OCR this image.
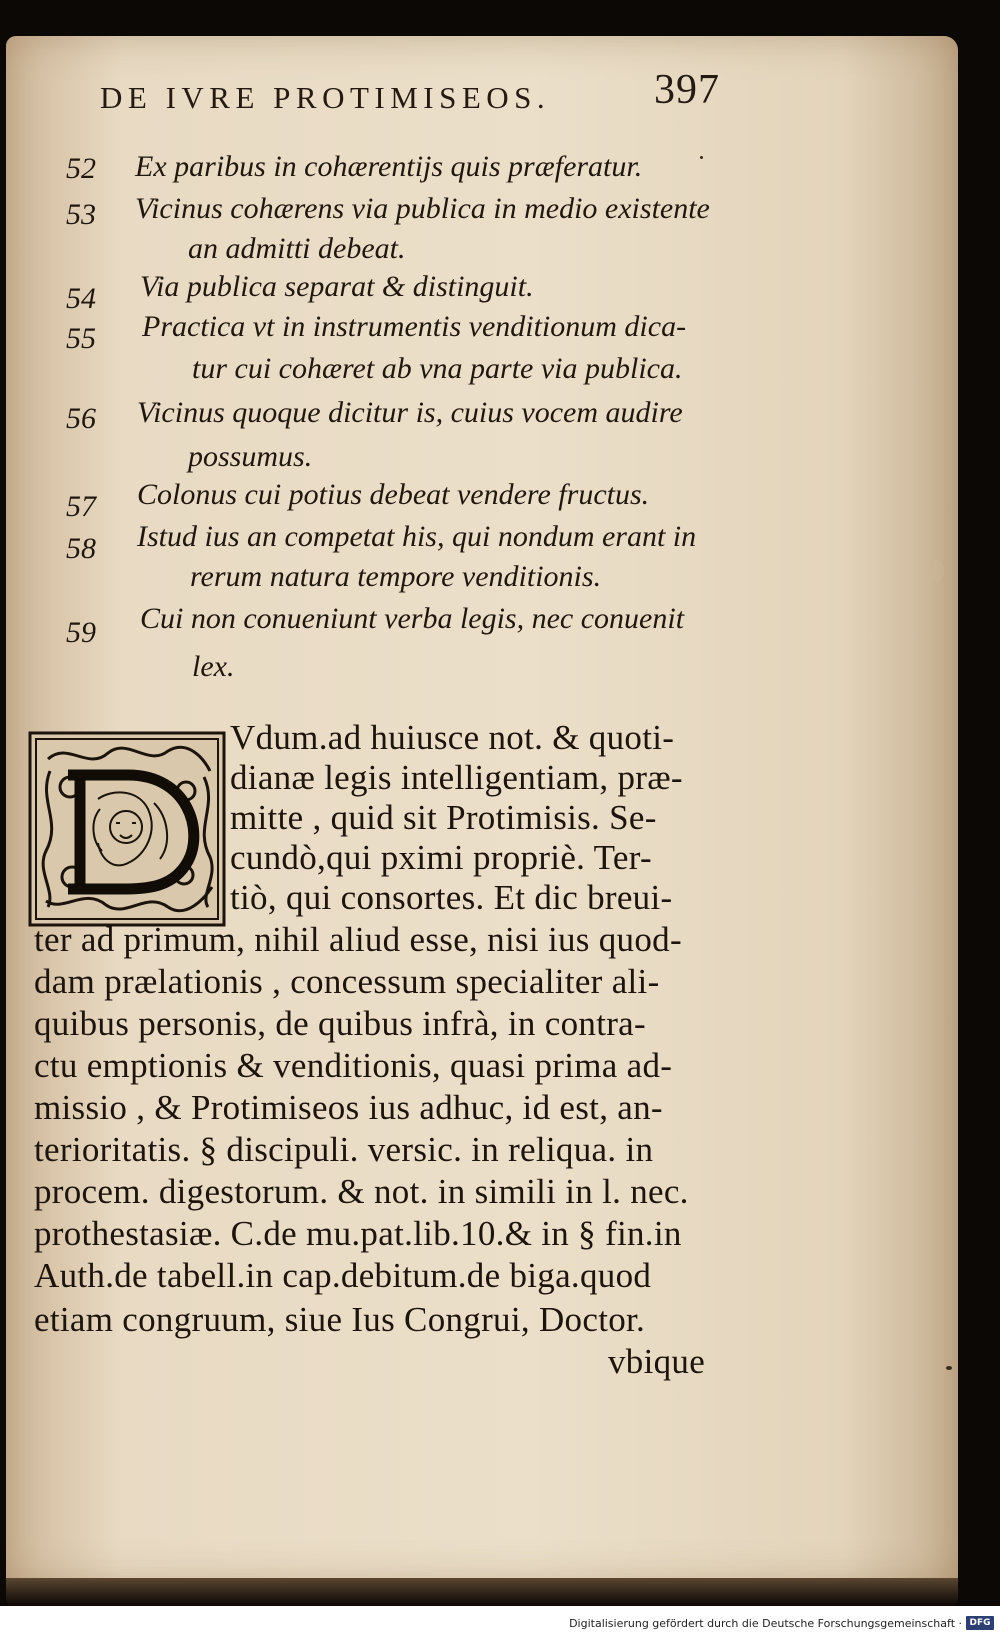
DE IVRE PROTIMISEOS. 397
52 Ex paribus in cohærentijs quis præferatur.
53 Vicinus cohærens via publica in medio existente
an admitti debeat.
54 Via publica separat & distinguit.
55 Practica vt in instrumentis venditionum dica-
tur cui cohæret ab vna parte via publica.
56 Vicinus quoque dicitur is, cuius vocem audire
possumus.
57 Colonus cui potius debeat vendere fructus.
58 Istud ius an competat his, qui nondum erant in
rerum natura tempore venditionis.
59 Cui non conueniunt verba legis, nec conuenit
lex.
Vdum.ad huiusce not. & quoti-
dianæ legis intelligentiam, præ-
mitte , quid sit Protimisis. Se-
cundò,qui pximi propriè. Ter-
tiò, qui consortes. Et dic breui-
ter ad primum, nihil aliud esse, nisi ius quod-
dam prælationis , concessum specialiter ali-
quibus personis, de quibus infrà, in contra-
ctu emptionis & venditionis, quasi prima ad-
missio , & Protimiseos ius adhuc, id est, an-
terioritatis. § discipuli. versic. in reliqua. in
procem. digestorum. & not. in simili in l. nec.
prothestasiæ. C.de mu.pat.lib.10.& in § fin.in
Auth.de tabell.in cap.debitum.de biga.quod
etiam congruum, siue Ius Congrui, Doctor.
vbique
Digitalisierung gefördert durch die Deutsche Forschungsgemeinschaft · DFG
